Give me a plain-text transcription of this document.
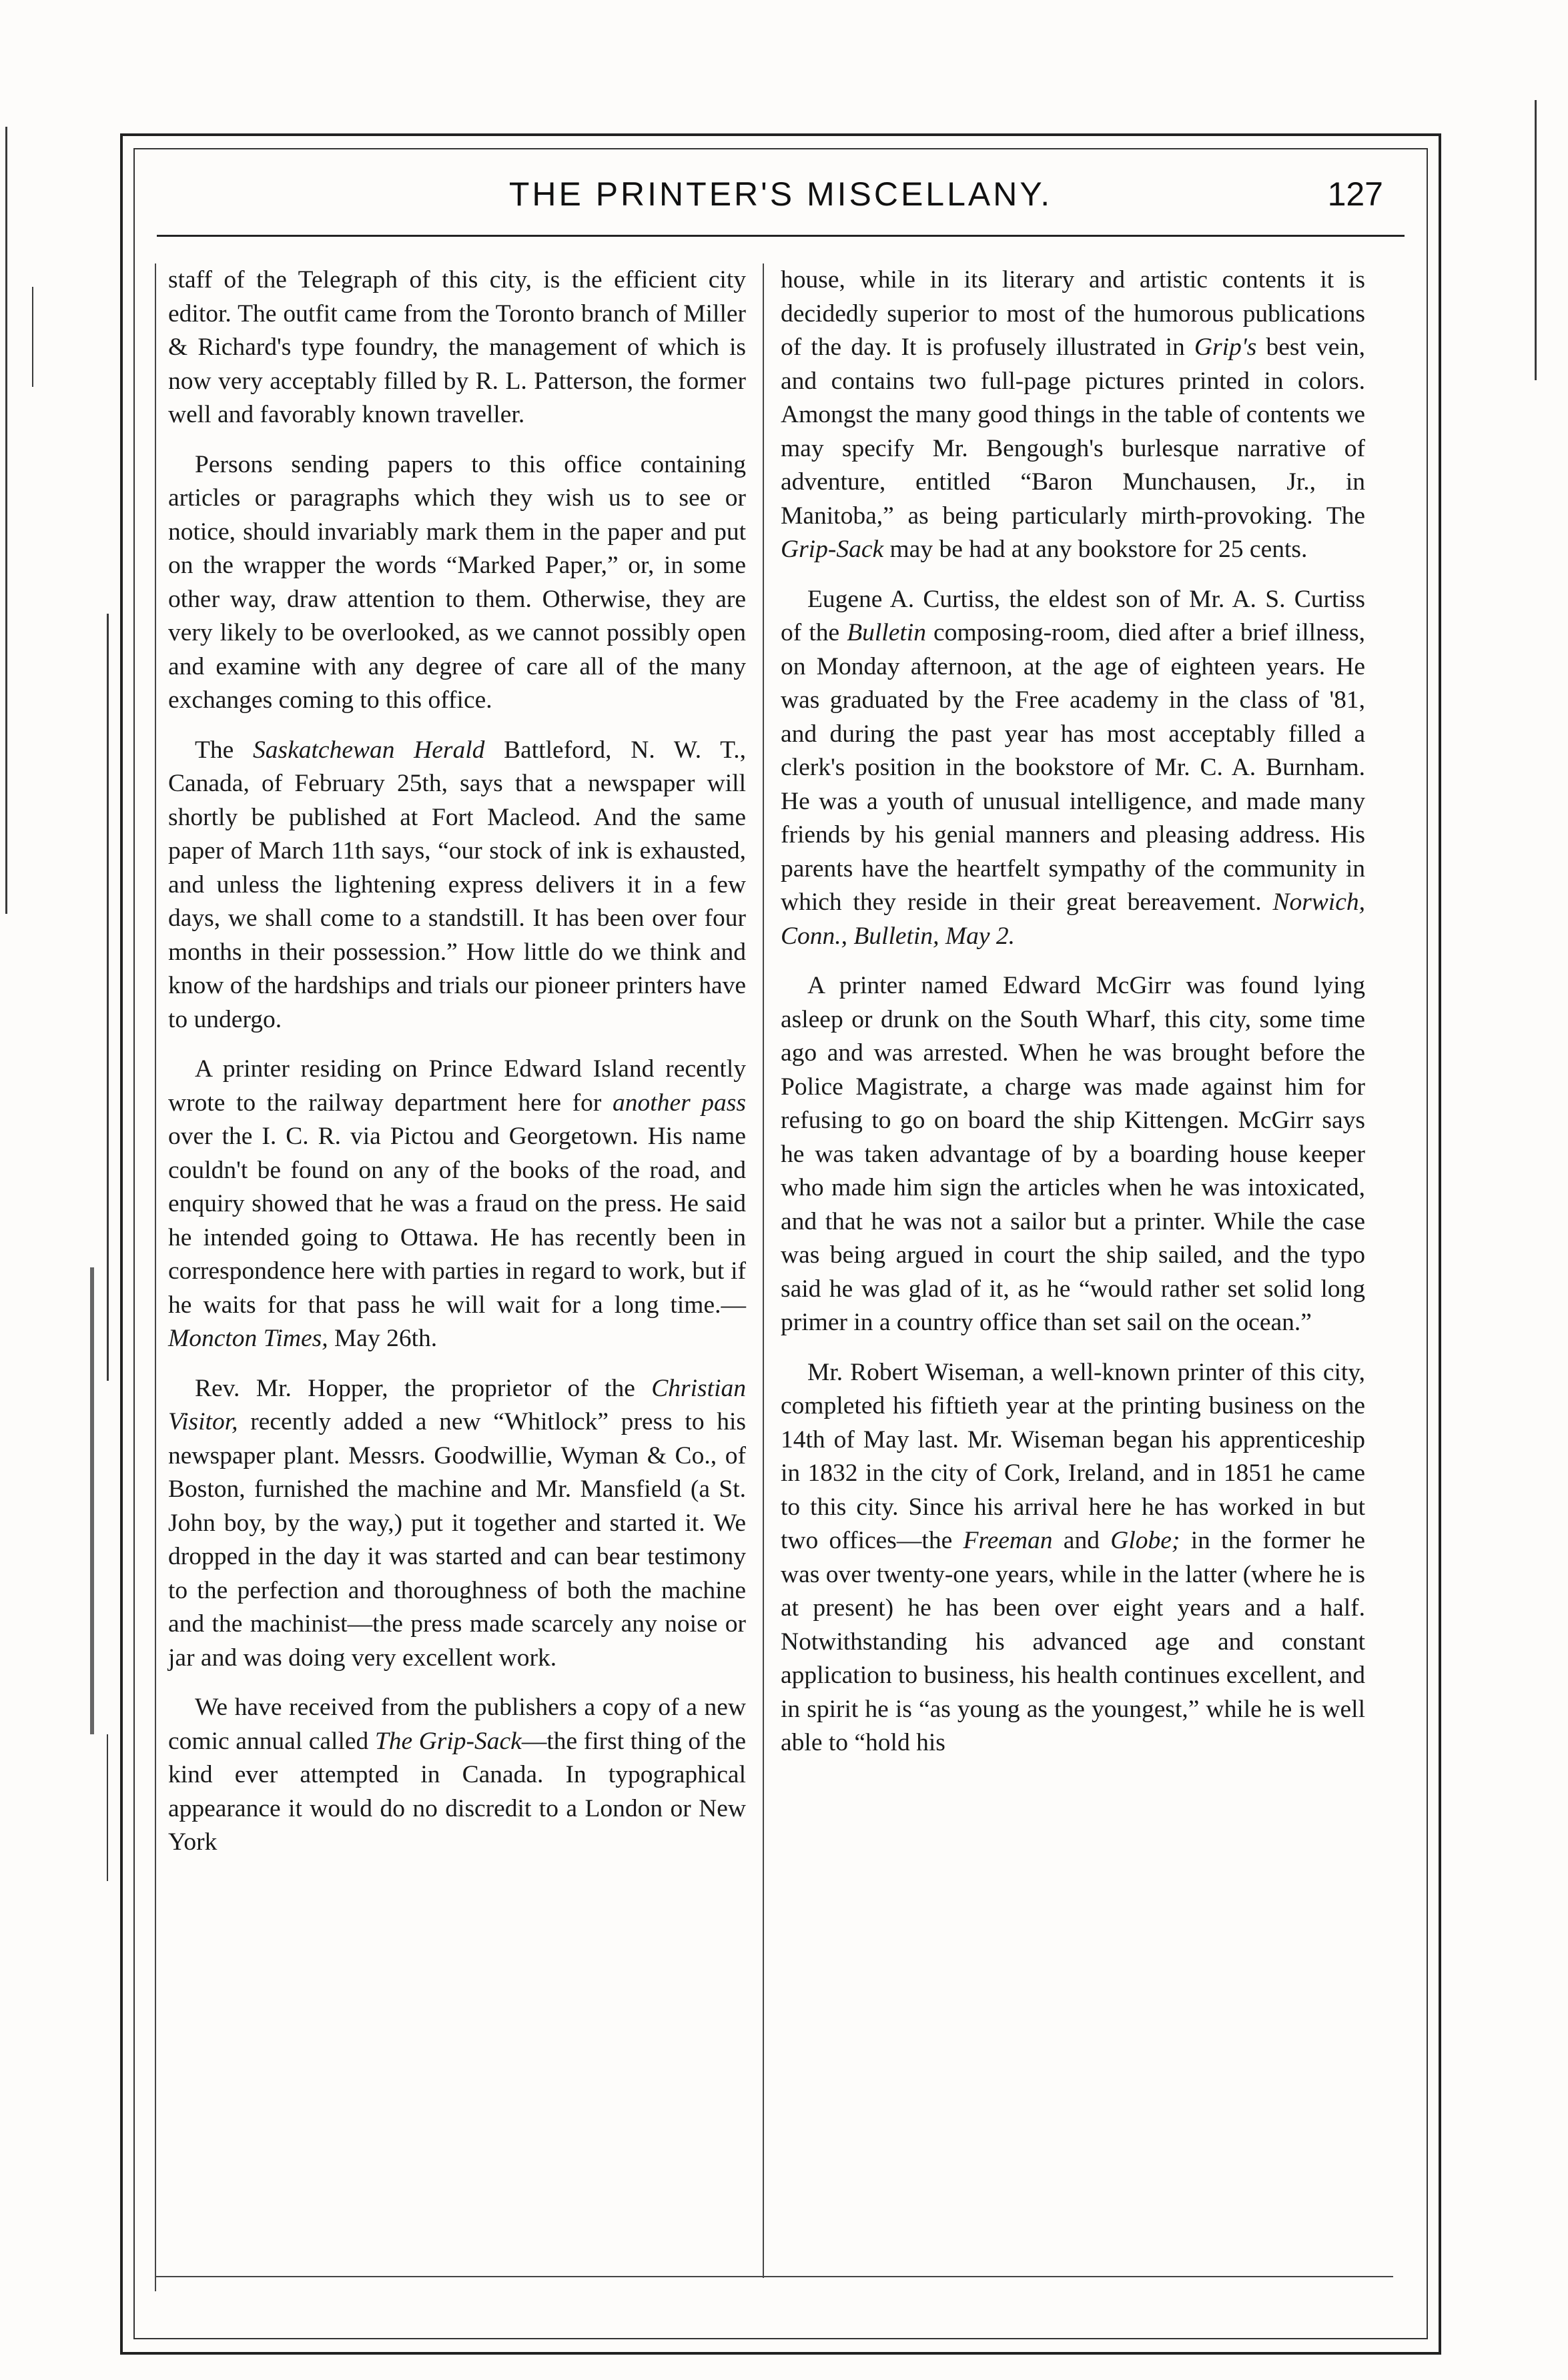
THE PRINTER'S MISCELLANY.	127

staff of the Telegraph of this city, is the efficient city editor. The outfit came from the Toronto branch of Miller & Richard's type foundry, the management of which is now very acceptably filled by R. L. Patterson, the former well and favorably known traveller.

Persons sending papers to this office containing articles or paragraphs which they wish us to see or notice, should invariably mark them in the paper and put on the wrapper the words “Marked Paper,” or, in some other way, draw attention to them. Otherwise, they are very likely to be overlooked, as we cannot possibly open and examine with any degree of care all of the many exchanges coming to this office.

The Saskatchewan Herald Battleford, N. W. T., Canada, of February 25th, says that a newspaper will shortly be published at Fort Macleod. And the same paper of March 11th says, “our stock of ink is exhausted, and unless the lightening express delivers it in a few days, we shall come to a standstill. It has been over four months in their possession.” How little do we think and know of the hardships and trials our pioneer printers have to undergo.

A printer residing on Prince Edward Island recently wrote to the railway department here for another pass over the I. C. R. via Pictou and Georgetown. His name couldn't be found on any of the books of the road, and enquiry showed that he was a fraud on the press. He said he intended going to Ottawa. He has recently been in correspondence here with parties in regard to work, but if he waits for that pass he will wait for a long time.—Moncton Times, May 26th.

Rev. Mr. Hopper, the proprietor of the Christian Visitor, recently added a new “Whitlock” press to his newspaper plant. Messrs. Goodwillie, Wyman & Co., of Boston, furnished the machine and Mr. Mansfield (a St. John boy, by the way,) put it together and started it. We dropped in the day it was started and can bear testimony to the perfection and thoroughness of both the machine and the machinist—the press made scarcely any noise or jar and was doing very excellent work.

We have received from the publishers a copy of a new comic annual called The Grip-Sack—the first thing of the kind ever attempted in Canada. In typographical appearance it would do no discredit to a London or New York

house, while in its literary and artistic contents it is decidedly superior to most of the humorous publications of the day. It is profusely illustrated in Grip's best vein, and contains two full-page pictures printed in colors. Amongst the many good things in the table of contents we may specify Mr. Bengough's burlesque narrative of adventure, entitled “Baron Munchausen, Jr., in Manitoba,” as being particularly mirth-provoking. The Grip-Sack may be had at any bookstore for 25 cents.

Eugene A. Curtiss, the eldest son of Mr. A. S. Curtiss of the Bulletin composing-room, died after a brief illness, on Monday afternoon, at the age of eighteen years. He was graduated by the Free academy in the class of '81, and during the past year has most acceptably filled a clerk's position in the bookstore of Mr. C. A. Burnham. He was a youth of unusual intelligence, and made many friends by his genial manners and pleasing address. His parents have the heartfelt sympathy of the community in which they reside in their great bereavement. Norwich, Conn., Bulletin, May 2.

A printer named Edward McGirr was found lying asleep or drunk on the South Wharf, this city, some time ago and was arrested. When he was brought before the Police Magistrate, a charge was made against him for refusing to go on board the ship Kittengen. McGirr says he was taken advantage of by a boarding house keeper who made him sign the articles when he was intoxicated, and that he was not a sailor but a printer. While the case was being argued in court the ship sailed, and the typo said he was glad of it, as he “would rather set solid long primer in a country office than set sail on the ocean.”

Mr. Robert Wiseman, a well-known printer of this city, completed his fiftieth year at the printing business on the 14th of May last. Mr. Wiseman began his apprenticeship in 1832 in the city of Cork, Ireland, and in 1851 he came to this city. Since his arrival here he has worked in but two offices—the Freeman and Globe; in the former he was over twenty-one years, while in the latter (where he is at present) he has been over eight years and a half. Notwithstanding his advanced age and constant application to business, his health continues excellent, and in spirit he is “as young as the youngest,” while he is well able to “hold his
